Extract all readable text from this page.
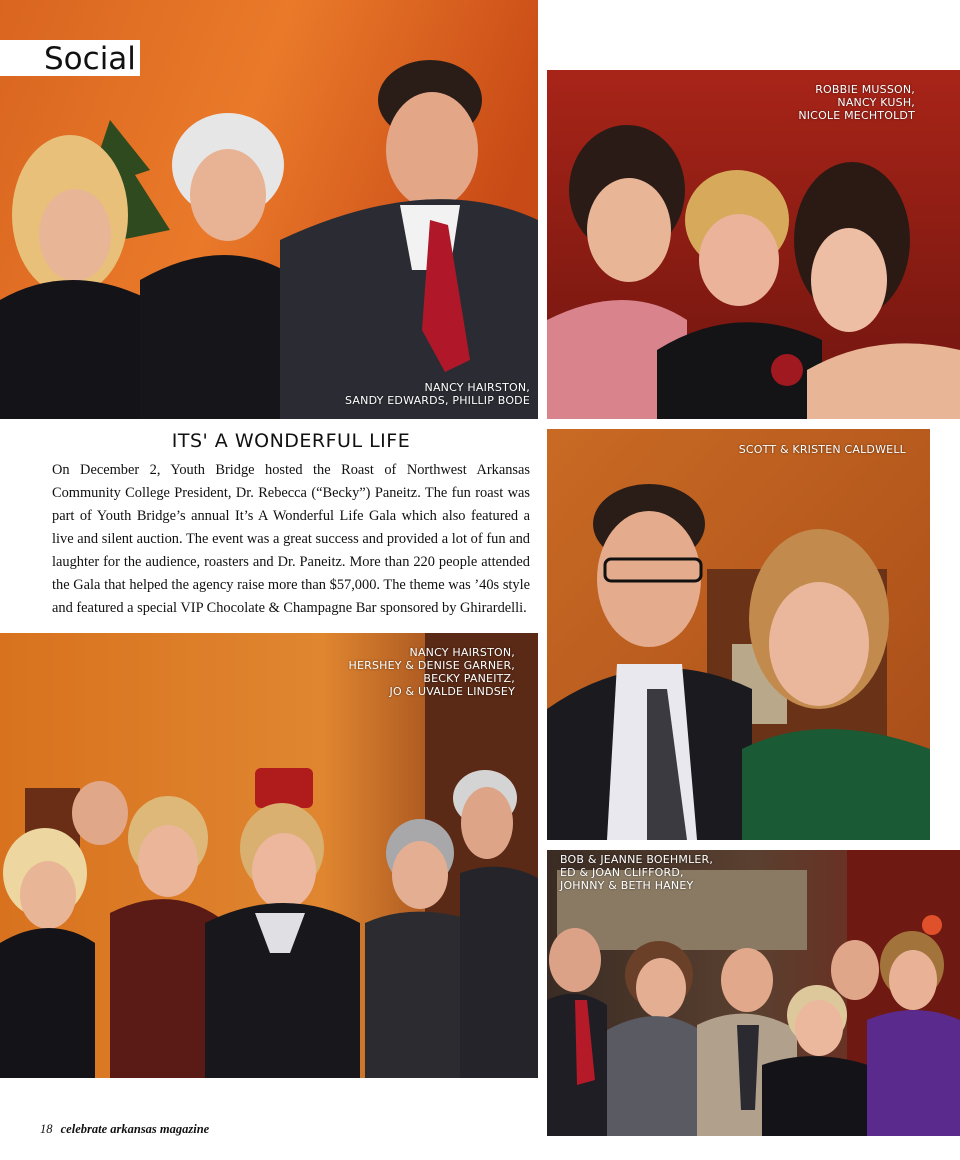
NANCY HAIRSTON,
SANDY EDWARDS, PHILLIP BODE
Social
ROBBIE MUSSON,
NANCY KUSH,
NICOLE MECHTOLDT
ITS' A WONDERFUL LIFE

On December 2, Youth Bridge hosted the Roast of Northwest Arkansas Community College President, Dr. Rebecca (“Becky”) Paneitz. The fun roast was part of Youth Bridge’s annual It’s A Wonderful Life Gala which also featured a live and silent auction. The event was a great success and provided a lot of fun and laughter for the audience, roasters and Dr. Paneitz. More than 220 people attended the Gala that helped the agency raise more than $57,000. The theme was ’40s style and featured a special VIP Chocolate & Champagne Bar sponsored by Ghirardelli.

SCOTT & KRISTEN CALDWELL
NANCY HAIRSTON,
HERSHEY & DENISE GARNER,
BECKY PANEITZ,
JO & UVALDE LINDSEY
BOB & JEANNE BOEHMLER,
ED & JOAN CLIFFORD,
JOHNNY & BETH HANEY
18 celebrate arkansas magazine
